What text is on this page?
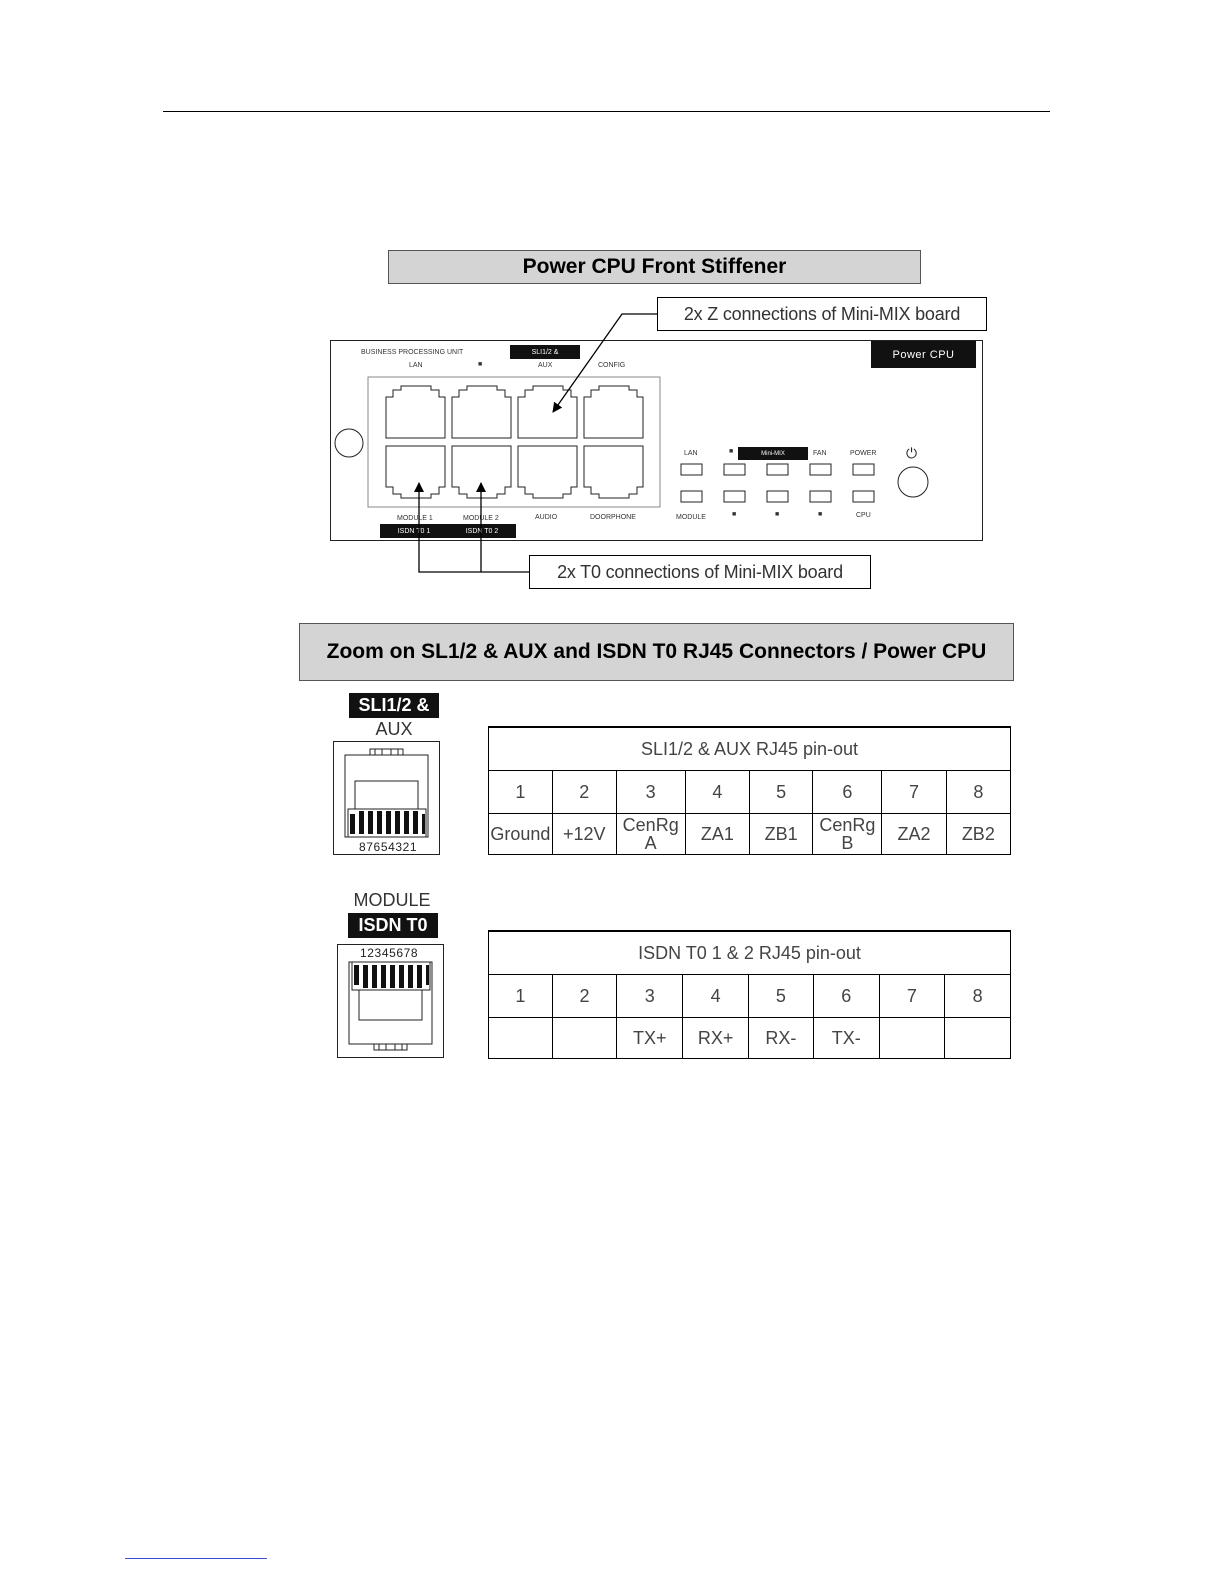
Power CPU Front Stiffener
2x Z connections of Mini-MIX board
BUSINESS PROCESSING UNIT	SLI1/2 &	Power CPU
LAN	■	AUX	CONFIG
MODULE 1	MODULE 2	AUDIO	DOORPHONE
ISDN T0 1	ISDN T0 2
LAN	■	Mini-MIX	FAN	POWER
MODULE	■	■	■	CPU
⏻
2x T0 connections of Mini-MIX board
Zoom on SL1/2 & AUX and ISDN T0 RJ45 Connectors / Power CPU
SLI1/2 &
AUX
87654321
MODULE
ISDN T0
12345678
SLI1/2 & AUX RJ45 pin-out							
1	2	3	4	5	6	7	8
Ground	+12V	CenRg A	ZA1	ZB1	CenRg B	ZA2	ZB2
ISDN T0 1 & 2 RJ45 pin-out							
1	2	3	4	5	6	7	8
		TX+	RX+	RX-	TX-		
